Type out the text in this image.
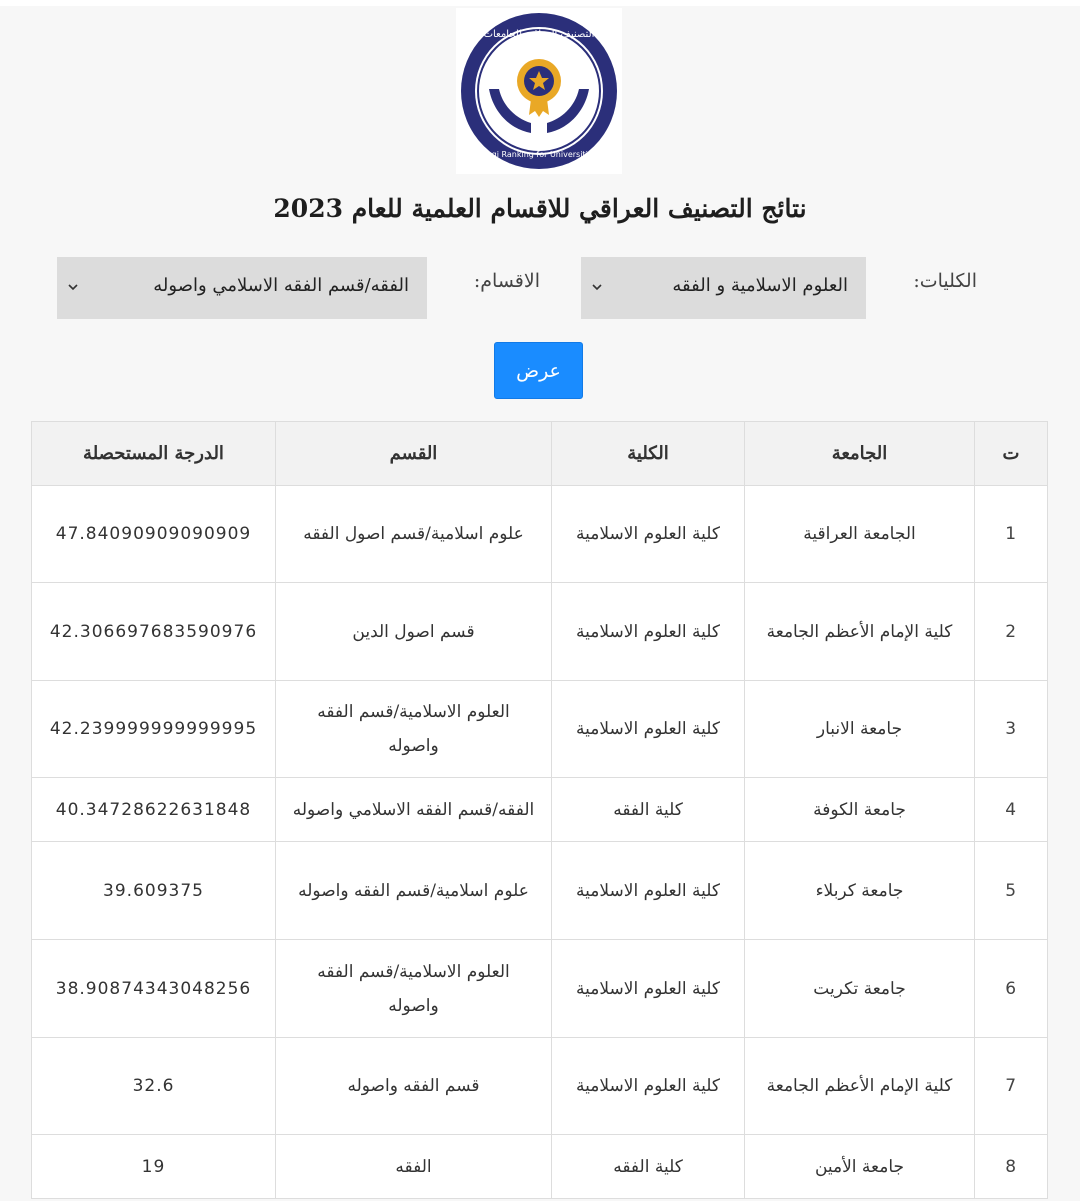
التصنيف العراقي للجامعات
Iraqi Ranking for Universities
نتائج التصنيف العراقي للاقسام العلمية للعام 2023
الكليات:
العلوم الاسلامية و الفقه
الاقسام:
الفقه/قسم الفقه الاسلامي واصوله
عرض
ت	الجامعة	الكلية	القسم	الدرجة المستحصلة
1	الجامعة العراقية	كلية العلوم الاسلامية	علوم اسلامية/قسم اصول الفقه	47.84090909090909
2	كلية الإمام الأعظم الجامعة	كلية العلوم الاسلامية	قسم اصول الدين	42.306697683590976
3	جامعة الانبار	كلية العلوم الاسلامية	العلوم الاسلامية/قسم الفقه واصوله	42.239999999999995
4	جامعة الكوفة	كلية الفقه	الفقه/قسم الفقه الاسلامي واصوله	40.34728622631848
5	جامعة كربلاء	كلية العلوم الاسلامية	علوم اسلامية/قسم الفقه واصوله	39.609375
6	جامعة تكريت	كلية العلوم الاسلامية	العلوم الاسلامية/قسم الفقه واصوله	38.90874343048256
7	كلية الإمام الأعظم الجامعة	كلية العلوم الاسلامية	قسم الفقه واصوله	32.6
8	جامعة الأمين	كلية الفقه	الفقه	19
